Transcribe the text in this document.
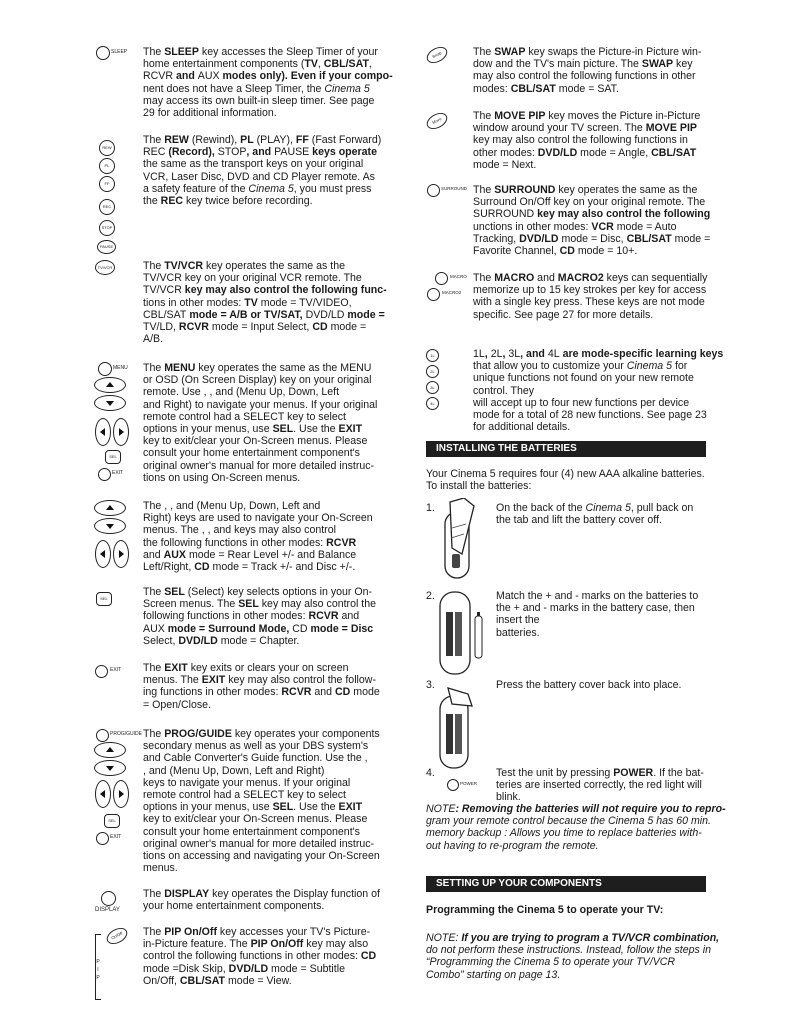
SLEEP The SLEEP key accesses the Sleep Timer of your

home entertainment components (TV, CBL/SAT,

RCVR and AUX modes only). Even if your compo-

nent does not have a Sleep Timer, the Cinema 5

may access its own built-in sleep timer. See page

29 for additional information.

REW
PL
FF
REC
STOP
PAUSE

The REW (Rewind), PL (PLAY), FF (Fast Forward)

REC (Record), STOP, and PAUSE keys operate

the same as the transport keys on your original

VCR, Laser Disc, DVD and CD Player remote. As

a safety feature of the Cinema 5, you must press

the REC key twice before recording.

TV/VCR	The TV/VCR key operates the same as the

TV/VCR key on your original VCR remote. The

TV/VCR key may also control the following func-

tions in other modes: TV mode = TV/VIDEO,

CBL/SAT mode = A/B or TV/SAT, DVD/LD mode =

TV/LD, RCVR mode = Input Select, CD mode =

A/B.

MENU
SEL
EXIT

The MENU key operates the same as the MENU

or OSD (On Screen Display) key on your original

remote. Use , , and (Menu Up, Down, Left

and Right) to navigate your menus. If your original

remote control had a SELECT key to select

options in your menus, use SEL. Use the EXIT

key to exit/clear your On-Screen menus. Please

consult your home entertainment component's

original owner's manual for more detailed instruc-

tions on using On-Screen menus.

The , , and (Menu Up, Down, Left and

Right) keys are used to navigate your On-Screen

menus. The , , and keys may also control

the following functions in other modes: RCVR

and AUX mode = Rear Level +/- and Balance

Left/Right, CD mode = Track +/- and Disc +/-.

SEL

The SEL (Select) key selects options in your On-

Screen menus. The SEL key may also control the

following functions in other modes: RCVR and

AUX mode = Surround Mode, CD mode = Disc

Select, DVD/LD mode = Chapter.

EXIT The EXIT key exits or clears your on screen

menus. The EXIT key may also control the follow-

ing functions in other modes: RCVR and CD mode

= Open/Close.

PROG/GUIDE
SEL
EXIT

The PROG/GUIDE key operates your components

secondary menus as well as your DBS system's

and Cable Converter's Guide function. Use the ,

, and (Menu Up, Down, Left and Right)

keys to navigate your menus. If your original

remote control had a SELECT key to select

options in your menus, use SEL. Use the EXIT

key to exit/clear your On-Screen menus. Please

consult your home entertainment component's

original owner's manual for more detailed instruc-

tions on accessing and navigating your On-Screen

menus.

DISPLAY

The DISPLAY key operates the Display function of

your home entertainment components.

P I P
On/Off The PIP On/Off key accesses your TV's Picture-

in-Picture feature. The PIP On/Off key may also

control the following functions in other modes: CD

mode =Disk Skip, DVD/LD mode = Subtitle

On/Off, CBL/SAT mode = View.

Swap	The SWAP key swaps the Picture-in Picture win-

dow and the TV's main picture. The SWAP key

may also control the following functions in other

modes: CBL/SAT mode = SAT.

Move	The MOVE PIP key moves the Picture in-Picture

window around your TV screen. The MOVE PIP

key may also control the following functions in

other modes: DVD/LD mode = Angle, CBL/SAT

mode = Next.

SURROUND The SURROUND key operates the same as the

Surround On/Off key on your original remote. The

SURROUND key may also control the following

unctions in other modes: VCR mode = Auto

Tracking, DVD/LD mode = Disc, CBL/SAT mode =

Favorite Channel, CD mode = 10+.

MACRO
MACRO2

The MACRO and MACRO2 keys can sequentially

memorize up to 15 key strokes per key for access

with a single key press. These keys are not mode

specific. See page 27 for more details.

1L
2L
3L
4L

1L, 2L, 3L, and 4L are mode-specific learning keys

that allow you to customize your Cinema 5 for

unique functions not found on your new remote

control. They

will accept up to four new functions per device

mode for a total of 28 new functions. See page 23

for additional details.

INSTALLING THE BATTERIES

Your Cinema 5 requires four (4) new AAA alkaline batteries.

To install the batteries:

1.	On the back of the Cinema 5, pull back on

the tab and lift the battery cover off.

2.	Match the + and - marks on the batteries to

the + and - marks in the battery case, then

insert the

batteries.

3.	Press the battery cover back into place.

4.	Test the unit by pressing POWER. If the bat-

teries are inserted correctly, the red light will

blink.

POWER

NOTE: Removing the batteries will not require you to repro-

gram your remote control because the Cinema 5 has 60 min.

memory backup : Allows you time to replace batteries with-

out having to re-program the remote.

SETTING UP YOUR COMPONENTS
Programming the Cinema 5 to operate your TV:

NOTE: If you are trying to program a TV/VCR combination,

do not perform these instructions. Instead, follow the steps in

“Programming the Cinema 5 to operate your TV/VCR

Combo” starting on page 13.
